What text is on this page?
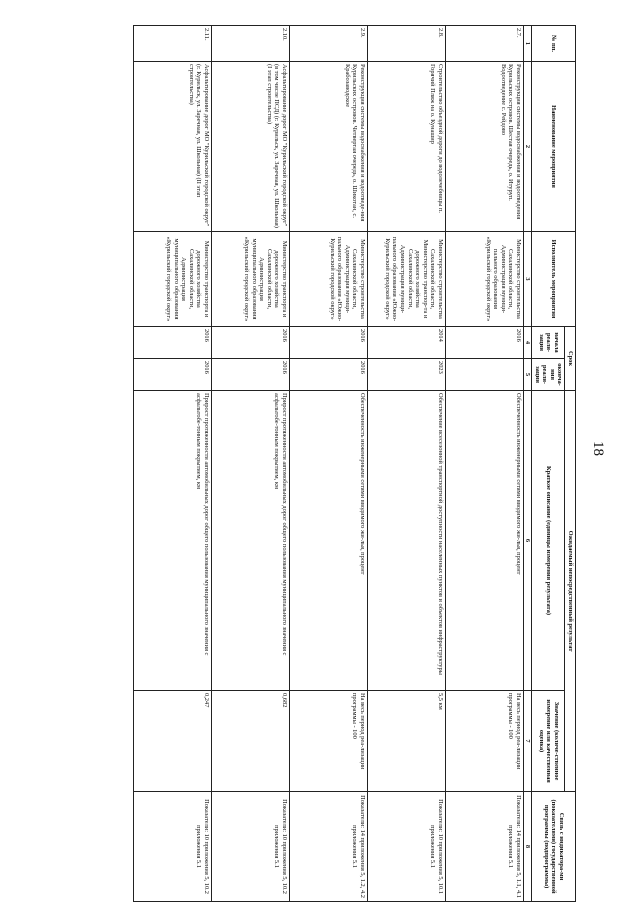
18
№ пп.	Наименование мероприятия	Исполнитель мероприятия	Срок		Ожидаемый непосредственный результат		Связь с индикатора-ми (показателями) государственной программы (подпрограммы)
			начала реали-зации	оконча-ния реали-зации	Краткое описание (единицы измерения результата)	Значение (количе-ственное измерение или качественная оценка)	
1	2	3	4	5	6	7	8
2.7.	Реконструкция системы водоснабжения и водоотведения Курильских островов. Шестая очередь, о. Итуруп. Водоотведение с. Рейдово	Министерство строительства Сахалинской области, Администрация муници-пального образования «Курильский городской округ»	2016		Обеспеченность инженерными сетями вводимого жи-лья, процент	На весь период реа-лизации программы - 100	Показатели: 14 приложения 5, 1.1, 4.1 приложения 5.1
2.8.	Строительство объездной дороги до водолечебницы п. Горячий Пляж на о. Кунашир	Министерство строительства Сахалинской области, Министерство транспор-та и дорожного хозяйства Сахалинской области, Администрация муници-пального образования «Южно-Курильский городской округ»	2014	2023	Обеспечение всесезонной транспортной доступности населенных пунктов и объектов инфраструктуры	5,5 км	Показатели: 10 приложения 5, 10.1 приложения 5.1
2.9.	Реконструкция системы водоснабжения и водоотведе-ния Курильских островов. Четвертая очередь, о. Шикотан, с. Крабозаводское	Министерство строительства Сахалинской области, Администрация муници-пального образования «Южно-Курильский городской округ»	2016	2016	Обеспеченность инженерными сетями вводимого жи-лья, процент	На весь период реа-лизации программы - 100	Показатели: 14 приложения 5, 1.2, 4.2 приложения 5.1
2.10.	Асфальтирование дорог МО "Курильский городской округ" (в том числе ПСД) (г. Курильск, ул. Заречная, ул. Школьная) (I этап строительства)	Министерство транспорта и дорожного хозяйства Сахалинской области, Администрация муниципального образования «Курильский городской округ»	2016	2016	Прирост протяженности автомобильных дорог общего пользования муниципального значения с асфальтобе-тонным покрытием, км	0,682	Показатели: 10 приложения 5, 10.2 приложения 5.1
2.11.	Асфальтирование дорог МО "Курильский городской округ" (г. Курильск, ул. Заречная, ул. Школьная) (II этап строительства)	Министерство транспорта и дорожного хозяйства Сахалинской области, Администрация муниципального образования «Курильский городской округ»	2016	2016	Прирост протяженности автомобильных дорог общего пользования муниципального значения с асфальтобе-тонным покрытием, км	0,247	Показатели: 10 приложения 5, 10.2 приложения 5.1
